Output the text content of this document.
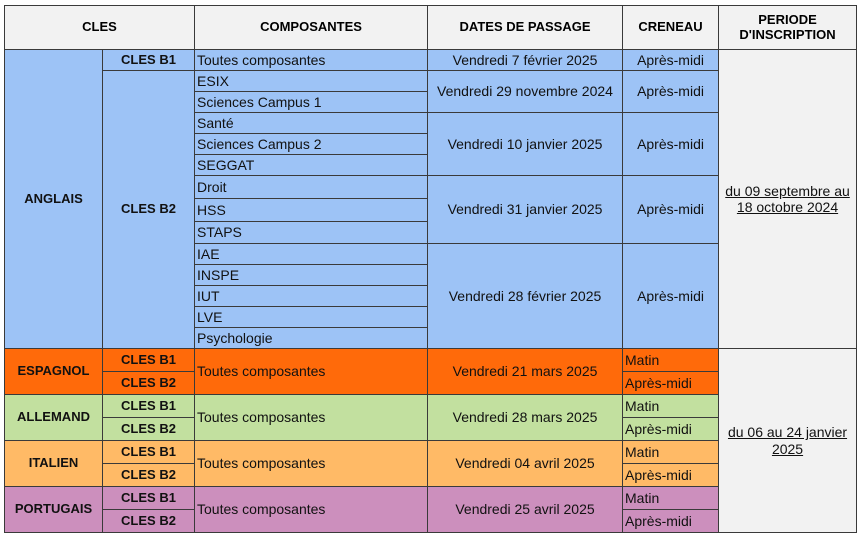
CLES		COMPOSANTES	DATES DE PASSAGE	CRENEAU	PERIODE D'INSCRIPTION
ANGLAIS	CLES B1	Toutes composantes	Vendredi 7 février 2025	Après-midi	du 09 septembre au 18 octobre 2024
	CLES B2	ESIX	Vendredi 29 novembre 2024	Après-midi	
		Sciences Campus 1			
		Santé	Vendredi 10 janvier 2025	Après-midi	
		Sciences Campus 2			
		SEGGAT			
		Droit	Vendredi 31 janvier 2025	Après-midi	
		HSS			
		STAPS			
		IAE	Vendredi 28 février 2025	Après-midi	
		INSPE			
		IUT			
		LVE			
		Psychologie			

ESPAGNOL	CLES B1	Toutes composantes	Vendredi 21 mars 2025	Matin	du 06 au 24 janvier 2025
	CLES B2			Après-midi	
ALLEMAND	CLES B1	Toutes composantes	Vendredi 28 mars 2025	Matin	
	CLES B2			Après-midi	
ITALIEN	CLES B1	Toutes composantes	Vendredi 04 avril 2025	Matin	
	CLES B2			Après-midi	
PORTUGAIS	CLES B1	Toutes composantes	Vendredi 25 avril 2025	Matin	
	CLES B2			Après-midi	
